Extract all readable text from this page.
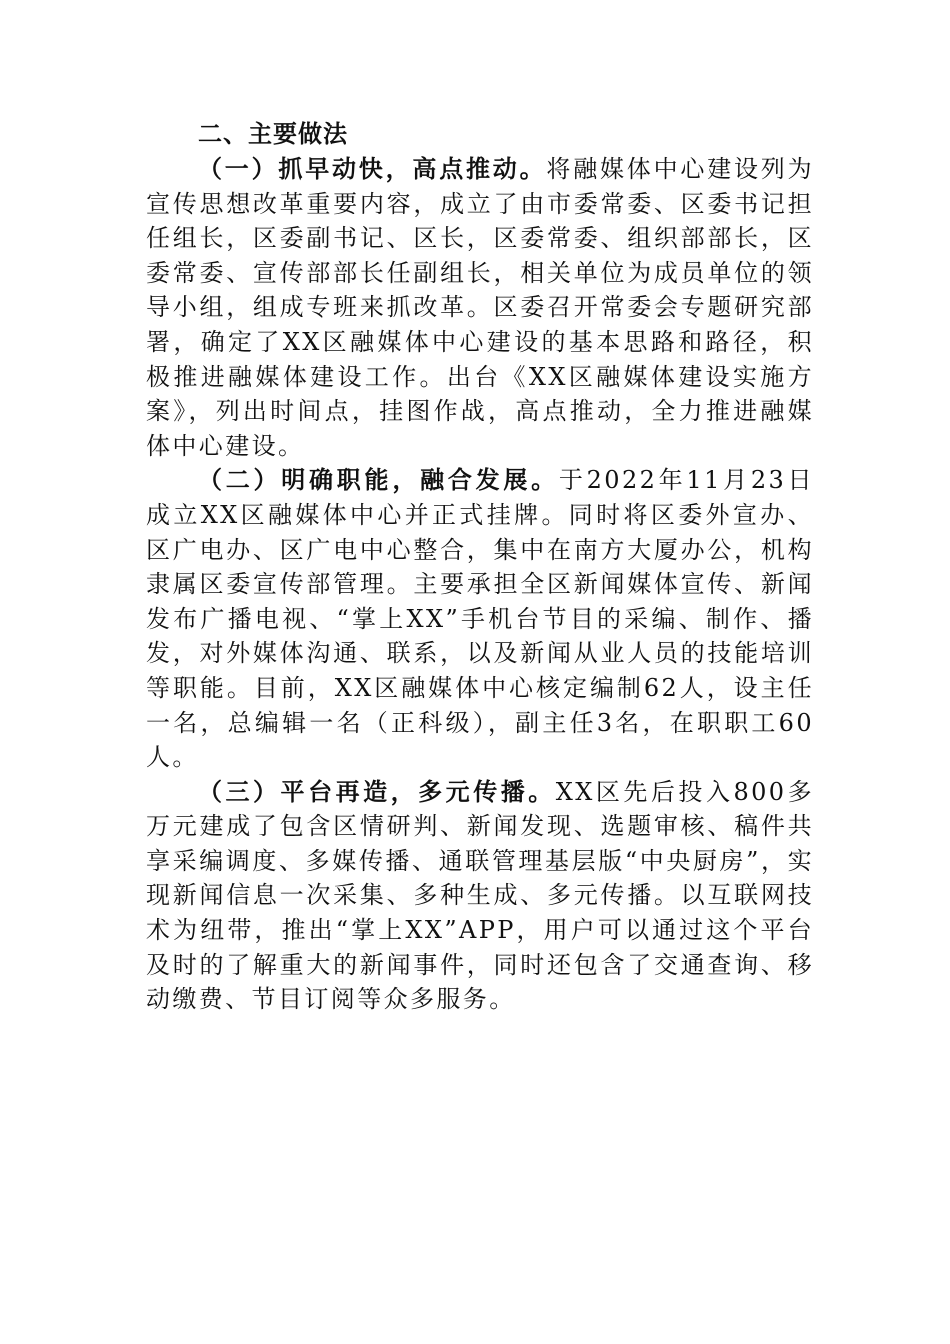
二、主要做法

（一）抓早动快，高点推动。将融媒体中心建设列为宣传思想改革重要内容，成立了由市委常委、区委书记担任组长，区委副书记、区长，区委常委、组织部部长，区委常委、宣传部部长任副组长，相关单位为成员单位的领导小组，组成专班来抓改革。区委召开常委会专题研究部署，确定了XX区融媒体中心建设的基本思路和路径，积极推进融媒体建设工作。出台《XX区融媒体建设实施方案》，列出时间点，挂图作战，高点推动，全力推进融媒体中心建设。

（二）明确职能，融合发展。于2022年11月23日成立XX区融媒体中心并正式挂牌。同时将区委外宣办、区广电办、区广电中心整合，集中在南方大厦办公，机构隶属区委宣传部管理。主要承担全区新闻媒体宣传、新闻发布广播电视、“掌上XX”手机台节目的采编、制作、播发，对外媒体沟通、联系，以及新闻从业人员的技能培训等职能。目前，XX区融媒体中心核定编制62人，设主任一名，总编辑一名（正科级），副主任3名，在职职工60人。

（三）平台再造，多元传播。XX区先后投入800多万元建成了包含区情研判、新闻发现、选题审核、稿件共享采编调度、多媒传播、通联管理基层版“中央厨房”，实现新闻信息一次采集、多种生成、多元传播。以互联网技术为纽带，推出“掌上XX”APP，用户可以通过这个平台及时的了解重大的新闻事件，同时还包含了交通查询、移动缴费、节目订阅等众多服务。
